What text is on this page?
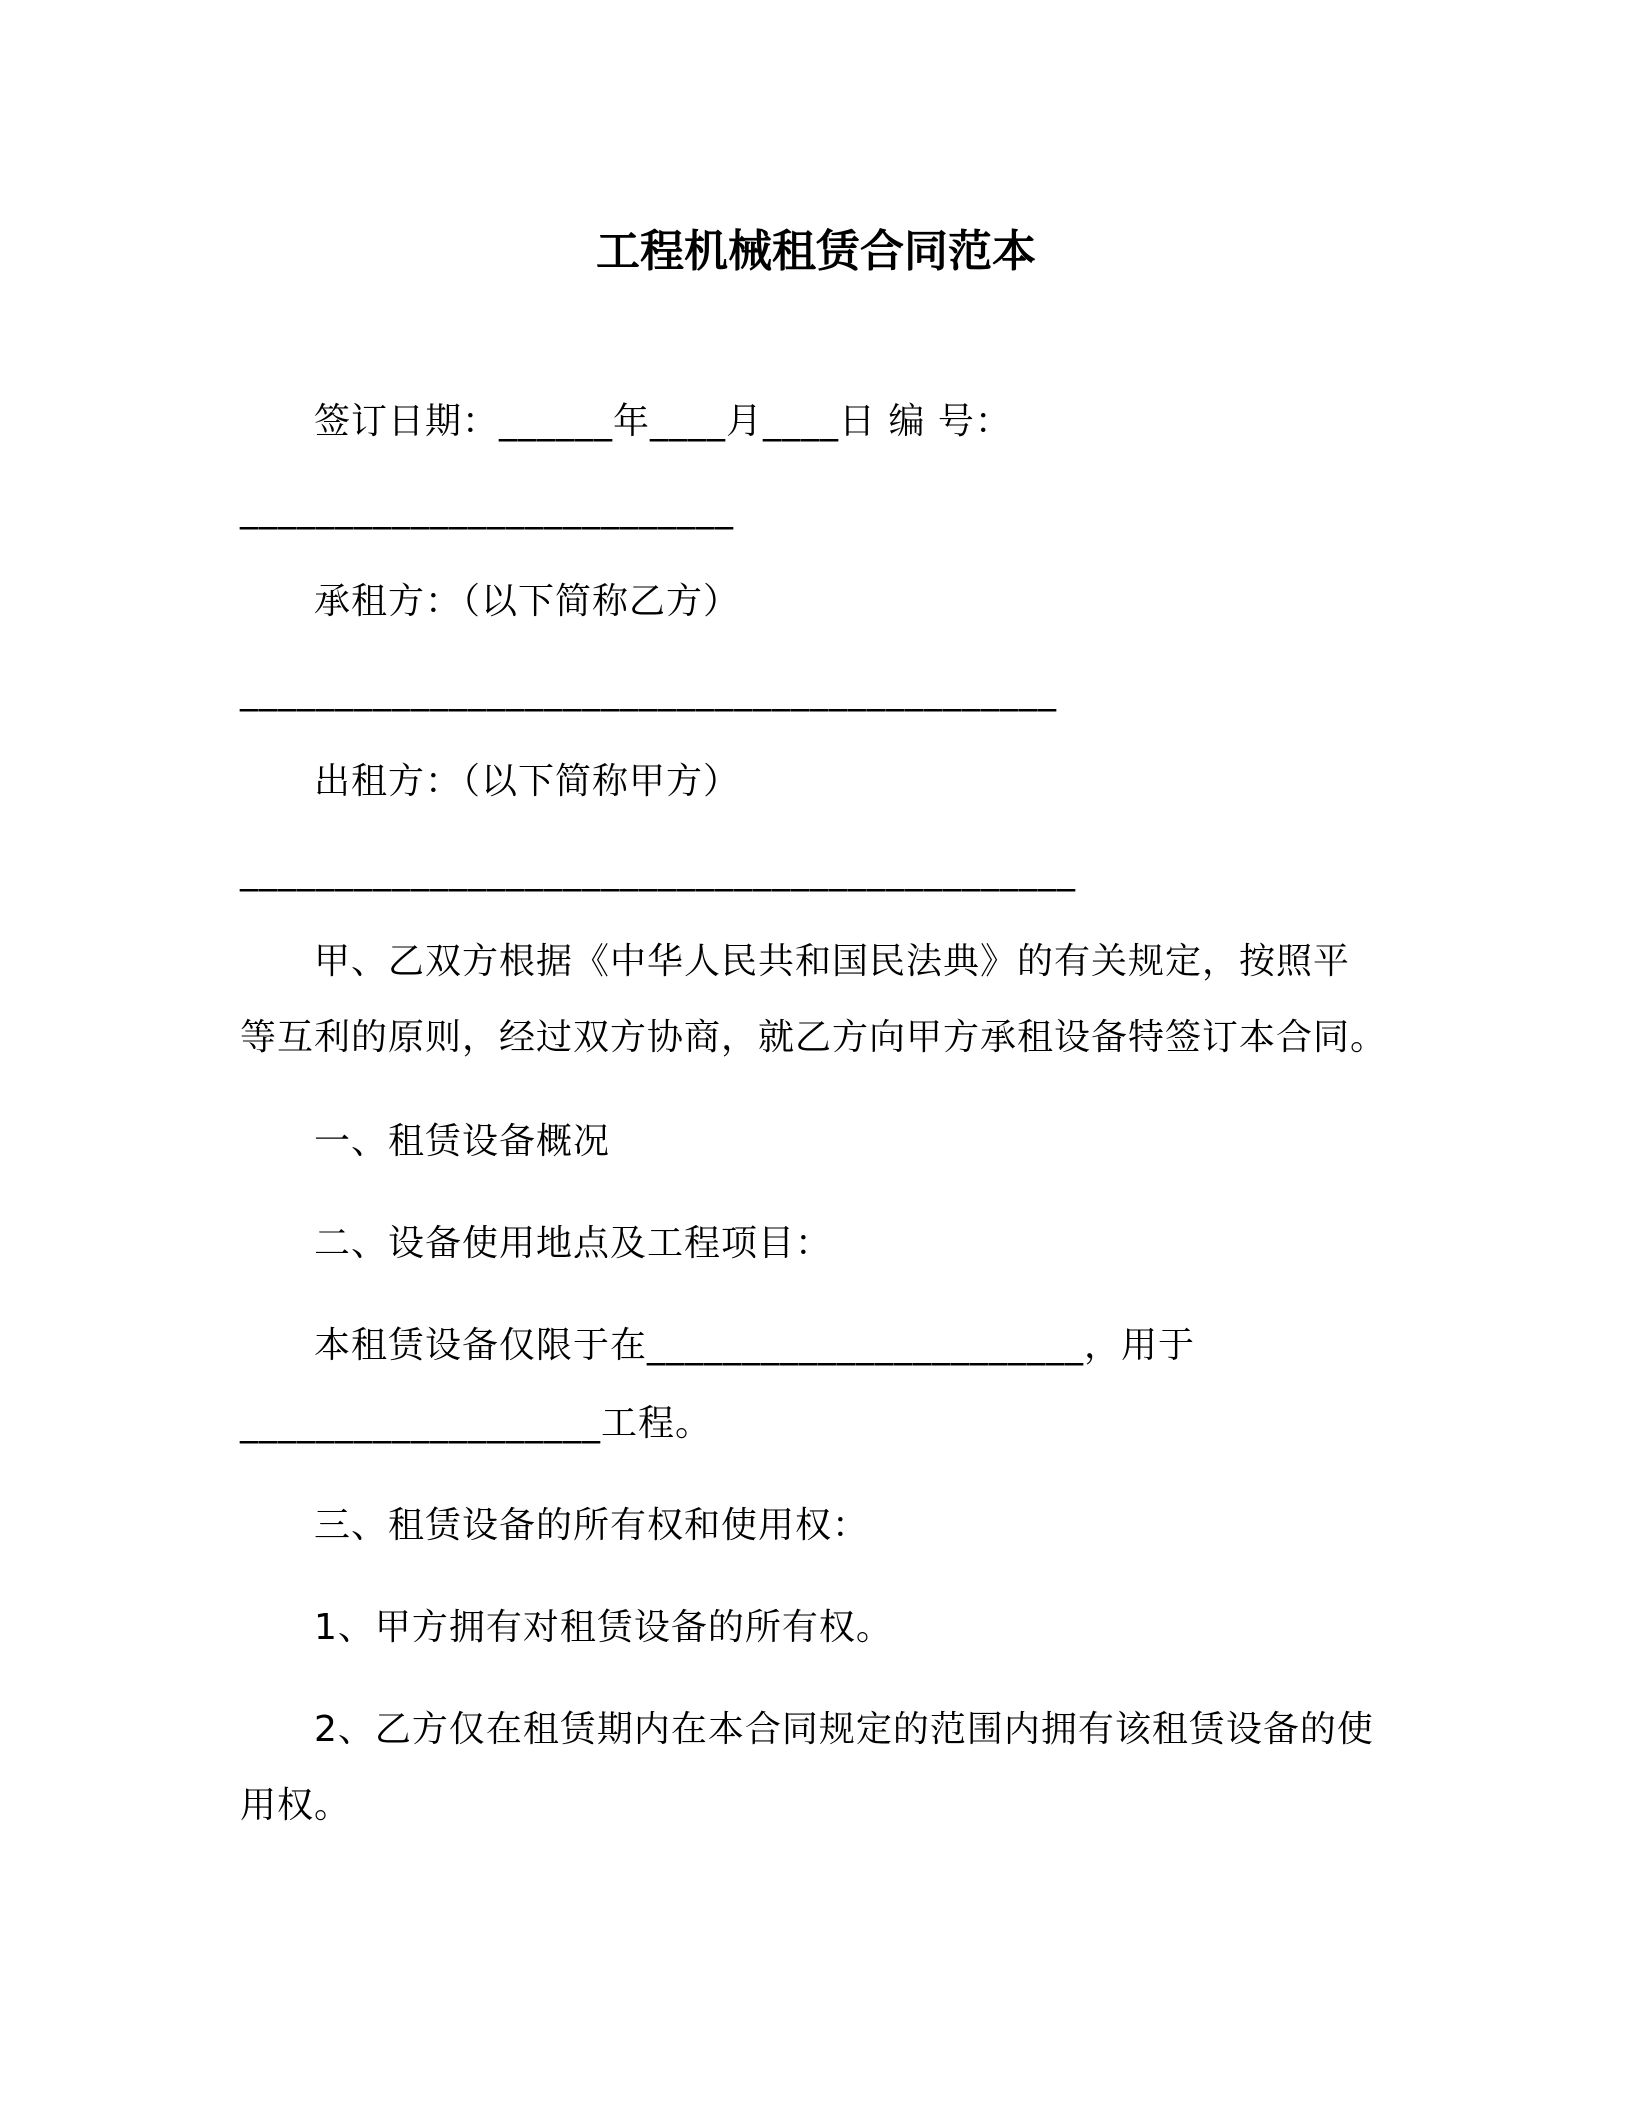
工程机械租赁合同范本
　　签订日期：______年____月____日 编 号：
__________________________
　　承租方：（以下简称乙方）
___________________________________________
　　出租方：（以下简称甲方）
____________________________________________
　　甲、乙双方根据《中华人民共和国民法典》的有关规定，按照平
等互利的原则，经过双方协商，就乙方向甲方承租设备特签订本合同。
　　一、租赁设备概况
　　二、设备使用地点及工程项目：
　　本租赁设备仅限于在_______________________，用于
___________________工程。
　　三、租赁设备的所有权和使用权：
　　1、甲方拥有对租赁设备的所有权。
　　2、乙方仅在租赁期内在本合同规定的范围内拥有该租赁设备的使
用权。
